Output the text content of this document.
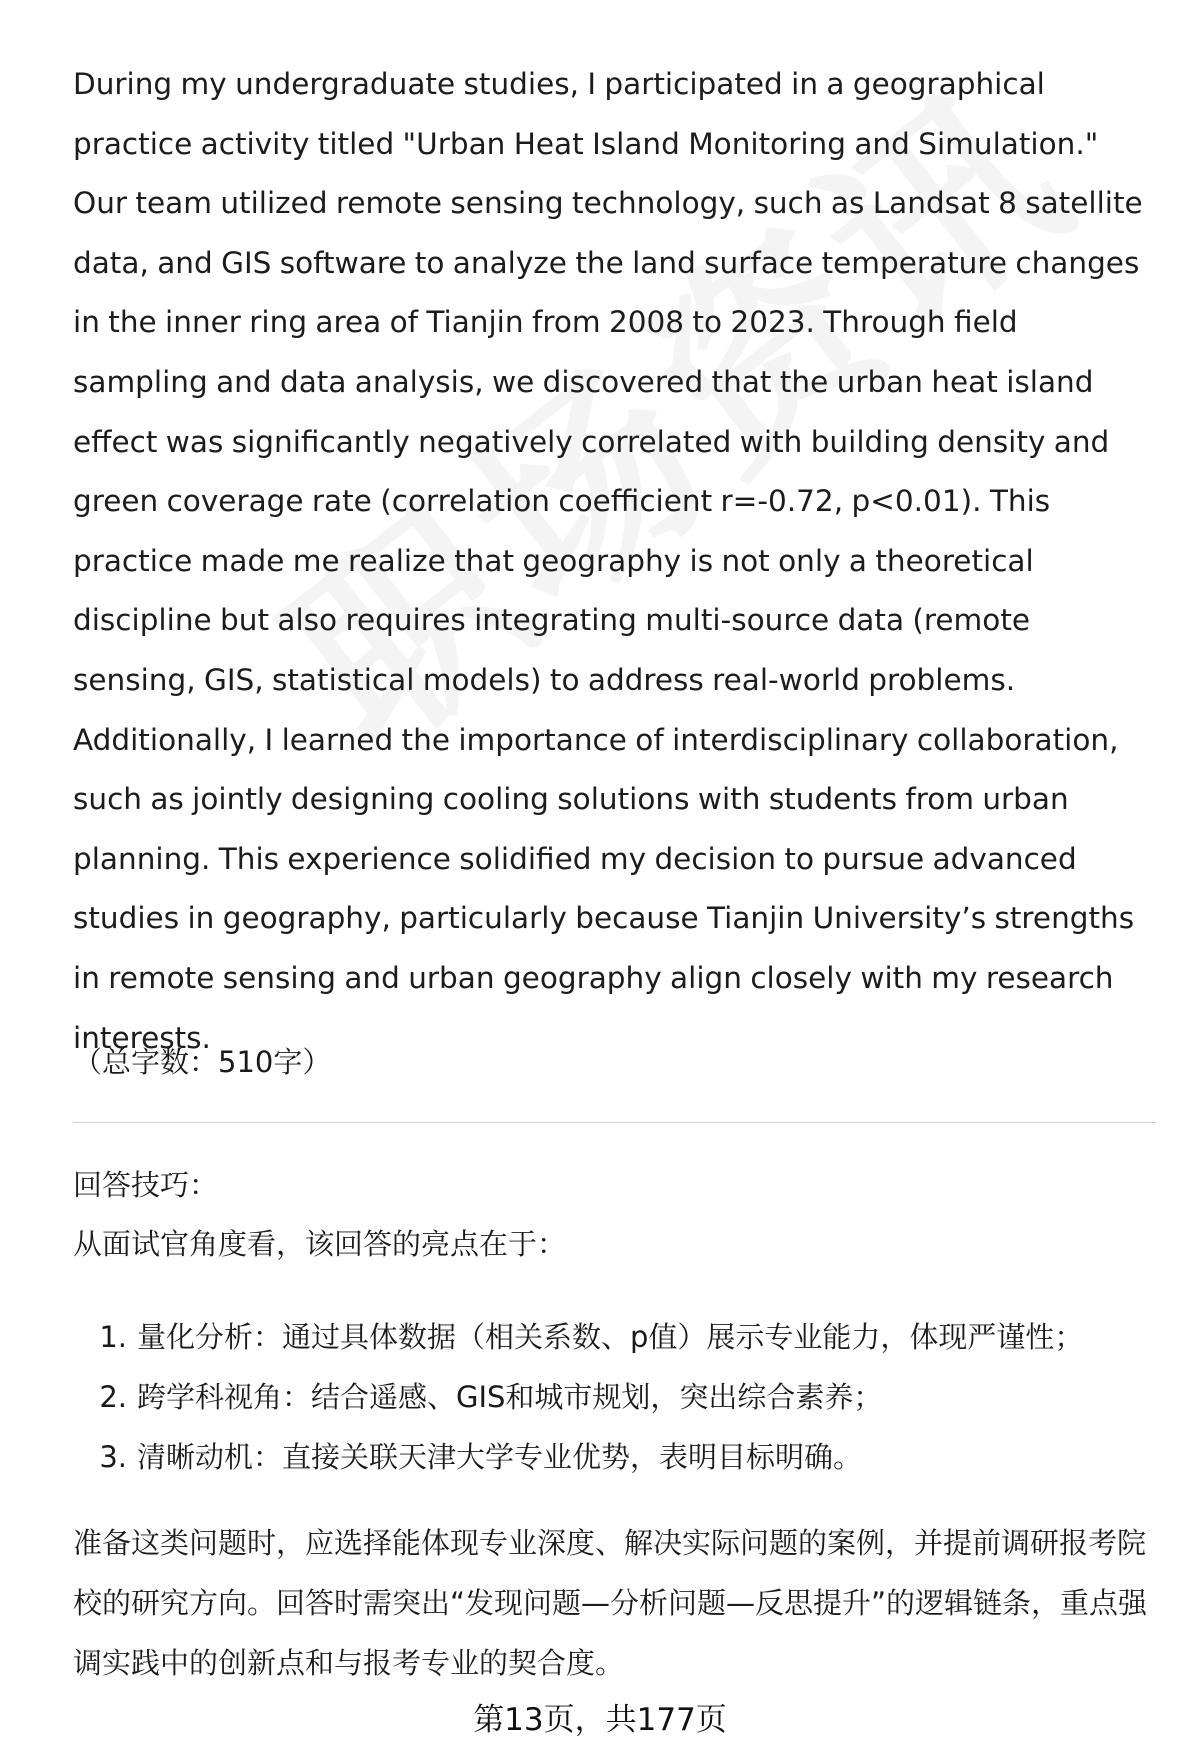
During my undergraduate studies, I participated in a geographical practice activity titled "Urban Heat Island Monitoring and Simulation." Our team utilized remote sensing technology, such as Landsat 8 satellite data, and GIS software to analyze the land surface temperature changes in the inner ring area of Tianjin from 2008 to 2023. Through field sampling and data analysis, we discovered that the urban heat island effect was significantly negatively correlated with building density and green coverage rate (correlation coefficient r=-0.72, p<0.01). This practice made me realize that geography is not only a theoretical discipline but also requires integrating multi-source data (remote sensing, GIS, statistical models) to address real-world problems. Additionally, I learned the importance of interdisciplinary collaboration, such as jointly designing cooling solutions with students from urban planning. This experience solidified my decision to pursue advanced studies in geography, particularly because Tianjin University’s strengths in remote sensing and urban geography align closely with my research interests.

（总字数：510字）

回答技巧：

从面试官角度看，该回答的亮点在于：

1. 量化分析：通过具体数据（相关系数、p值）展示专业能力，体现严谨性；
2. 跨学科视角：结合遥感、GIS和城市规划，突出综合素养；
3. 清晰动机：直接关联天津大学专业优势，表明目标明确。

准备这类问题时，应选择能体现专业深度、解决实际问题的案例，并提前调研报考院校的研究方向。回答时需突出“发现问题—分析问题—反思提升”的逻辑链条，重点强调实践中的创新点和与报考专业的契合度。

第13页，共177页
